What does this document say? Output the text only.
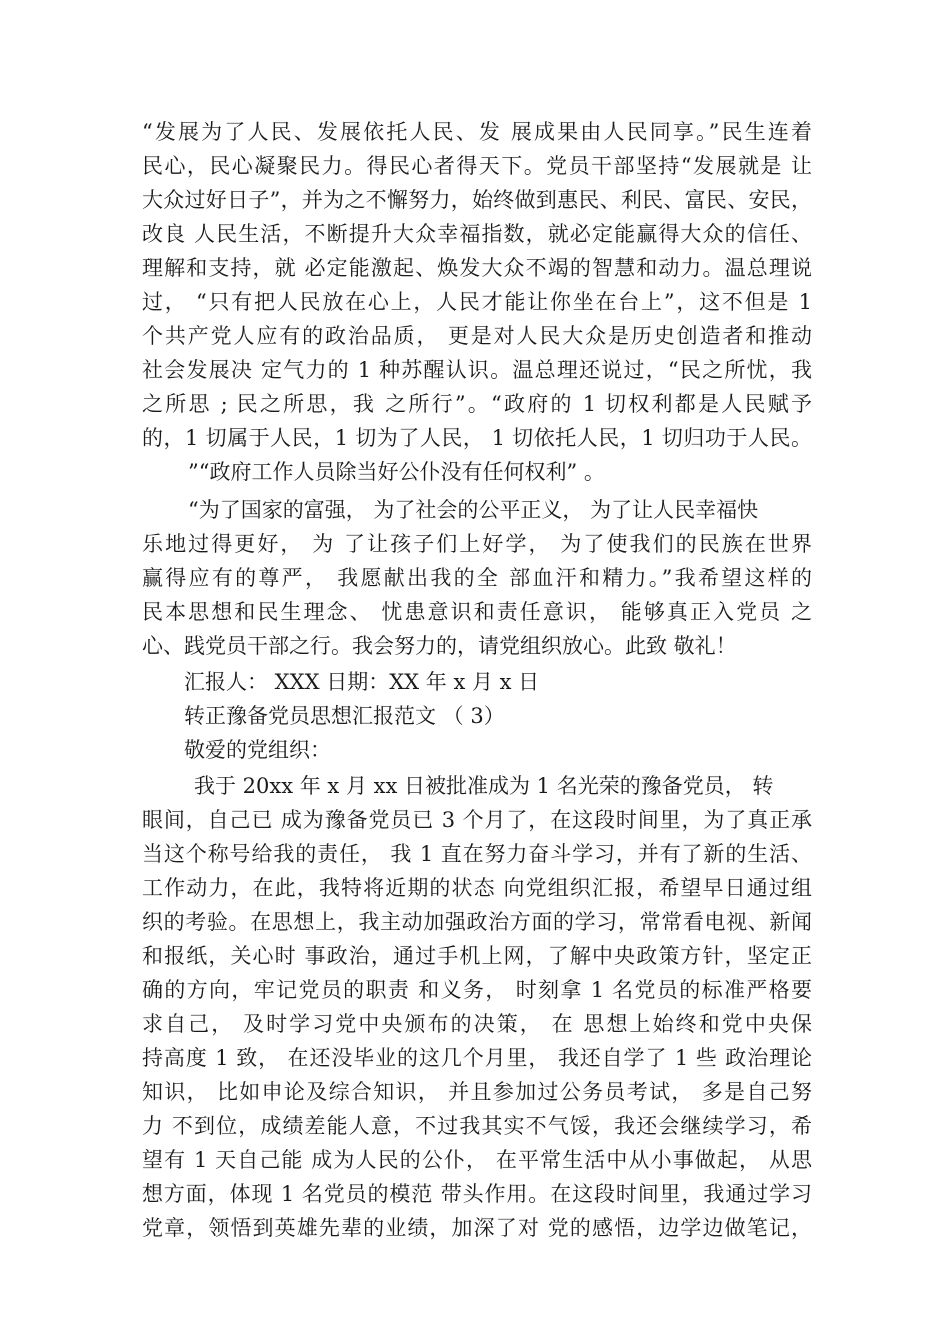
“发展为了人民、发展依托人民、发 展成果由人民同享。”民生连着
民心，民心凝聚民力。得民心者得天下。党员干部坚持“发展就是 让
大众过好日子”，并为之不懈努力，始终做到惠民、利民、富民、安民，
改良 人民生活，不断提升大众幸福指数，就必定能赢得大众的信任、
理解和支持，就 必定能激起、焕发大众不竭的智慧和动力。温总理说
过， “只有把人民放在心上，人民才能让你坐在台上”，这不但是 1
个共产党人应有的政治品质， 更是对人民大众是历史创造者和推动
社会发展决 定气力的 1 种苏醒认识。温总理还说过，“民之所忧，我
之所思 ; 民之所思，我 之所行”。“政府的 1 切权利都是人民赋予
的，1 切属于人民，1 切为了人民， 1 切依托人民，1 切归功于人民。
”“政府工作人员除当好公仆没有任何权利” 。
“为了国家的富强， 为了社会的公平正义， 为了让人民幸福快
乐地过得更好， 为 了让孩子们上好学， 为了使我们的民族在世界
赢得应有的尊严， 我愿献出我的全 部血汗和精力。”我希望这样的
民本思想和民生理念、 忧患意识和责任意识， 能够真正入党员 之
心、践党员干部之行。我会努力的，请党组织放心。此致 敬礼！
汇报人： XXX 日期：XX 年 x 月 x 日
转正豫备党员思想汇报范文 （ 3）
敬爱的党组织：
我于 20xx 年 x 月 xx 日被批准成为 1 名光荣的豫备党员， 转
眼间，自己已 成为豫备党员已 3 个月了，在这段时间里，为了真正承
当这个称号给我的责任， 我 1 直在努力奋斗学习，并有了新的生活、
工作动力，在此，我特将近期的状态 向党组织汇报，希望早日通过组
织的考验。在思想上，我主动加强政治方面的学习，常常看电视、新闻
和报纸，关心时 事政治，通过手机上网，了解中央政策方针，坚定正
确的方向，牢记党员的职责 和义务， 时刻拿 1 名党员的标准严格要
求自己， 及时学习党中央颁布的决策， 在 思想上始终和党中央保
持高度 1 致， 在还没毕业的这几个月里， 我还自学了 1 些 政治理论
知识， 比如申论及综合知识， 并且参加过公务员考试， 多是自己努
力 不到位，成绩差能人意，不过我其实不气馁，我还会继续学习，希
望有 1 天自己能 成为人民的公仆， 在平常生活中从小事做起， 从思
想方面，体现 1 名党员的模范 带头作用。在这段时间里，我通过学习
党章，领悟到英雄先辈的业绩，加深了对 党的感悟，边学边做笔记，
